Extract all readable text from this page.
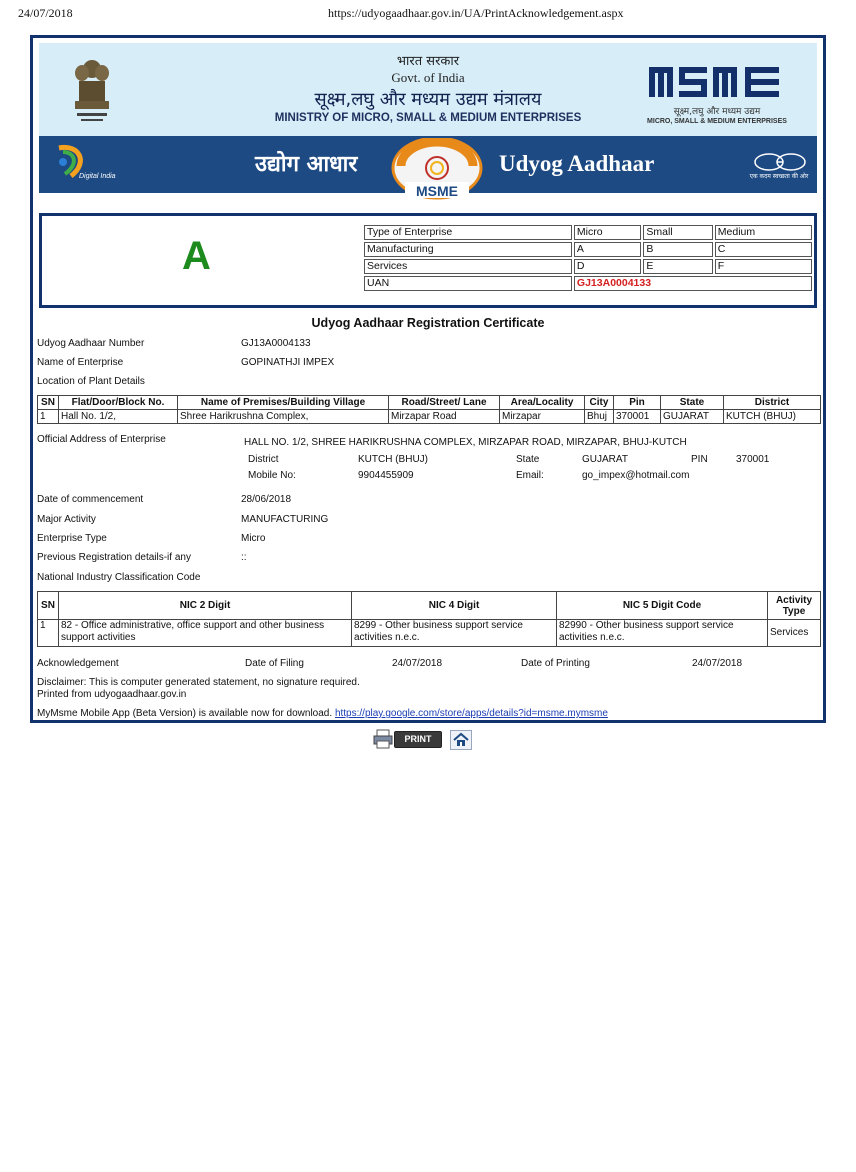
24/07/2018	https://udyogaadhaar.gov.in/UA/PrintAcknowledgement.aspx
भारत सरकार
Govt. of India
सूक्ष्म,लघु और मध्यम उद्यम मंत्रालय
MINISTRY OF MICRO, SMALL & MEDIUM ENTERPRISES	सूक्ष्म,लघु और मध्यम उद्यम
MICRO, SMALL & MEDIUM ENTERPRISES
Digital India	उद्योग आधार
MSME
Udyog Aadhaar
एक कदम स्वच्छता की ओर
A
Type of Enterprise	Micro	Small	Medium
Manufacturing	A	B	C
Services	D	E	F
UAN	GJ13A0004133		
Udyog Aadhaar Registration Certificate
Udyog Aadhaar Number	GJ13A0004133
Name of Enterprise	GOPINATHJI IMPEX
Location of Plant Details
SN	Flat/Door/Block No.	Name of Premises/Building Village	Road/Street/ Lane	Area/Locality	City	Pin	State	District
1	Hall No. 1/2,	Shree Harikrushna Complex,	Mirzapar Road	Mirzapar	Bhuj	370001	GUJARAT	KUTCH (BHUJ)
Official Address of Enterprise	HALL NO. 1/2, SHREE HARIKRUSHNA COMPLEX, MIRZAPAR ROAD, MIRZAPAR, BHUJ-KUTCH
District	KUTCH (BHUJ)	State	GUJARAT	PIN	370001
Mobile No:	9904455909	Email:	go_impex@hotmail.com
Date of commencement	28/06/2018
Major Activity	MANUFACTURING
Enterprise Type	Micro
Previous Registration details-if any	::
National Industry Classification Code
SN	NIC 2 Digit	NIC 4 Digit	NIC 5 Digit Code	Activity Type
1	82 - Office administrative, office support and other business support activities	8299 - Other business support service activities n.e.c.	82990 - Other business support service activities n.e.c.	Services
Acknowledgement	Date of Filing	24/07/2018	Date of Printing	24/07/2018
Disclaimer: This is computer generated statement, no signature required.
Printed from udyogaadhaar.gov.in
MyMsme Mobile App (Beta Version) is available now for download. https://play.google.com/store/apps/details?id=msme.mymsme
PRINT
